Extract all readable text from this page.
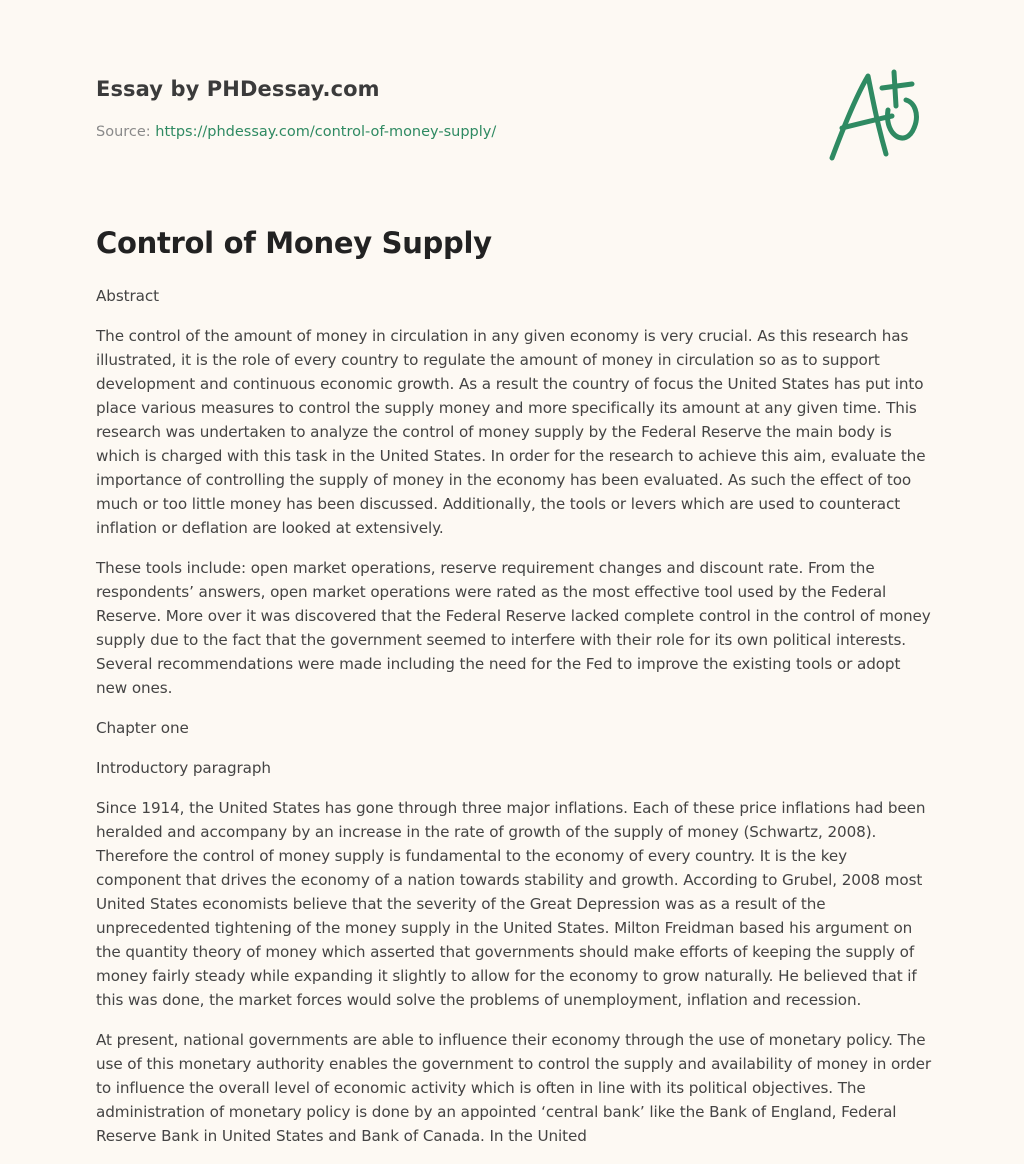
Essay by PHDessay.com
Source: https://phdessay.com/control-of-money-supply/
Control of Money Supply

Abstract

The control of the amount of money in circulation in any given economy is very crucial. As this research has illustrated, it is the role of every country to regulate the amount of money in circulation so as to support development and continuous economic growth. As a result the country of focus the United States has put into place various measures to control the supply money and more specifically its amount at any given time. This research was undertaken to analyze the control of money supply by the Federal Reserve the main body is which is charged with this task in the United States. In order for the research to achieve this aim, evaluate the importance of controlling the supply of money in the economy has been evaluated. As such the effect of too much or too little money has been discussed. Additionally, the tools or levers which are used to counteract inflation or deflation are looked at extensively.

These tools include: open market operations, reserve requirement changes and discount rate. From the respondents’ answers, open market operations were rated as the most effective tool used by the Federal Reserve. More over it was discovered that the Federal Reserve lacked complete control in the control of money supply due to the fact that the government seemed to interfere with their role for its own political interests. Several recommendations were made including the need for the Fed to improve the existing tools or adopt new ones.

Chapter one

Introductory paragraph

Since 1914, the United States has gone through three major inflations. Each of these price inflations had been heralded and accompany by an increase in the rate of growth of the supply of money (Schwartz, 2008). Therefore the control of money supply is fundamental to the economy of every country. It is the key component that drives the economy of a nation towards stability and growth. According to Grubel, 2008 most United States economists believe that the severity of the Great Depression was as a result of the unprecedented tightening of the money supply in the United States. Milton Freidman based his argument on the quantity theory of money which asserted that governments should make efforts of keeping the supply of money fairly steady while expanding it slightly to allow for the economy to grow naturally. He believed that if this was done, the market forces would solve the problems of unemployment, inflation and recession.

At present, national governments are able to influence their economy through the use of monetary policy. The use of this monetary authority enables the government to control the supply and availability of money in order to influence the overall level of economic activity which is often in line with its political objectives. The administration of monetary policy is done by an appointed ‘central bank’ like the Bank of England, Federal Reserve Bank in United States and Bank of Canada. In the United
